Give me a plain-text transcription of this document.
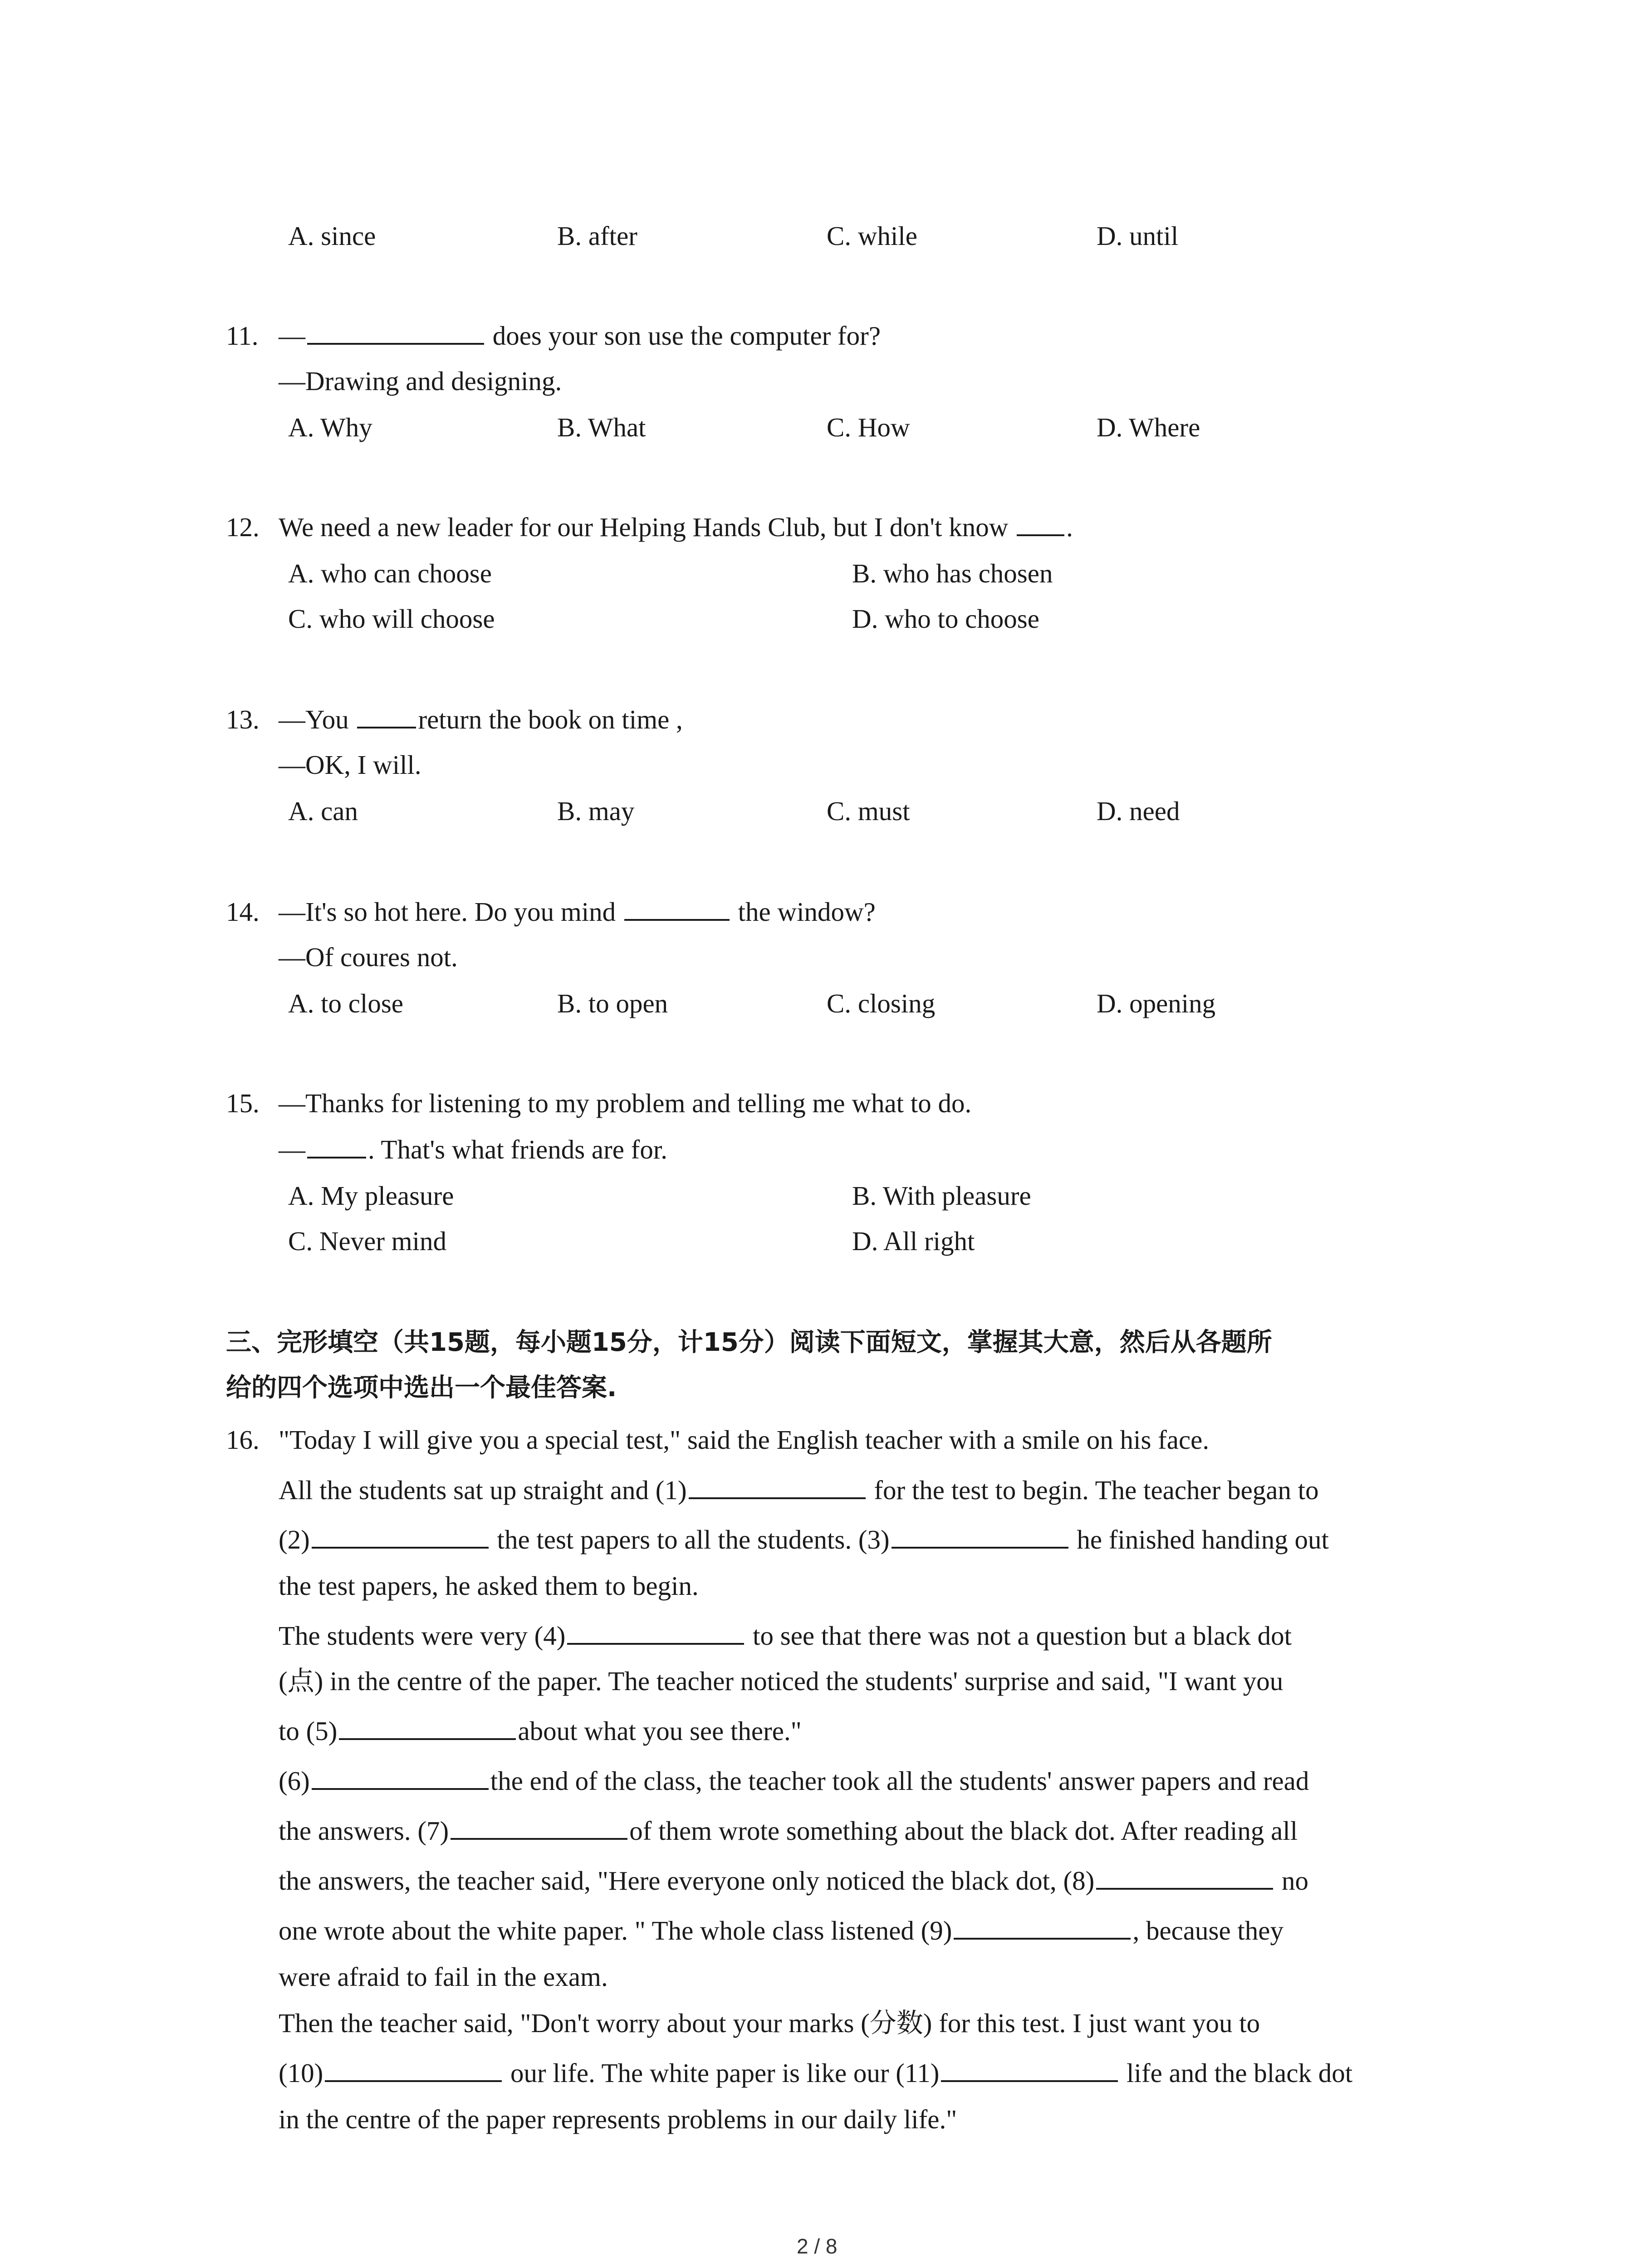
A. since	B. after	C. while	D. until
11. —	does your son use the computer for?
—Drawing and designing.
A. Why	B. What	C. How	D. Where
12. We need a new leader for our Helping Hands Club, but I don't know .
A. who can choose	B. who has chosen
C. who will choose	D. who to choose
13. —You return the book on time ,
—OK, I will.
A. can	B. may	C. must	D. need
14. —It's so hot here. Do you mind	the window?
—Of coures not.
A. to close	B. to open	C. closing	D. opening
15. —Thanks for listening to my problem and telling me what to do.
— . That's what friends are for.
A. My pleasure	B. With pleasure
C. Never mind	D. All right
三、完形填空（共15题，每小题15分，计15分）阅读下面短文，掌握其大意，然后从各题所
给的四个选项中选出一个最佳答案.
16. "Today I will give you a special test," said the English teacher with a smile on his face.
All the students sat up straight and (1)	for the test to begin. The teacher began to
(2)	the test papers to all the students. (3)	he finished handing out
the test papers, he asked them to begin.
The students were very (4)	to see that there was not a question but a black dot
(点) in the centre of the paper. The teacher noticed the students' surprise and said, "I want you
to (5)	about what you see there."
(6)	the end of the class, the teacher took all the students' answer papers and read
the answers. (7)	of them wrote something about the black dot. After reading all
the answers, the teacher said, "Here everyone only noticed the black dot, (8)	no
one wrote about the white paper. " The whole class listened (9)	, because they
were afraid to fail in the exam.
Then the teacher said, "Don't worry about your marks (分数) for this test. I just want you to
(10)	our life. The white paper is like our (11)	life and the black dot
in the centre of the paper represents problems in our daily life."
2 / 8
